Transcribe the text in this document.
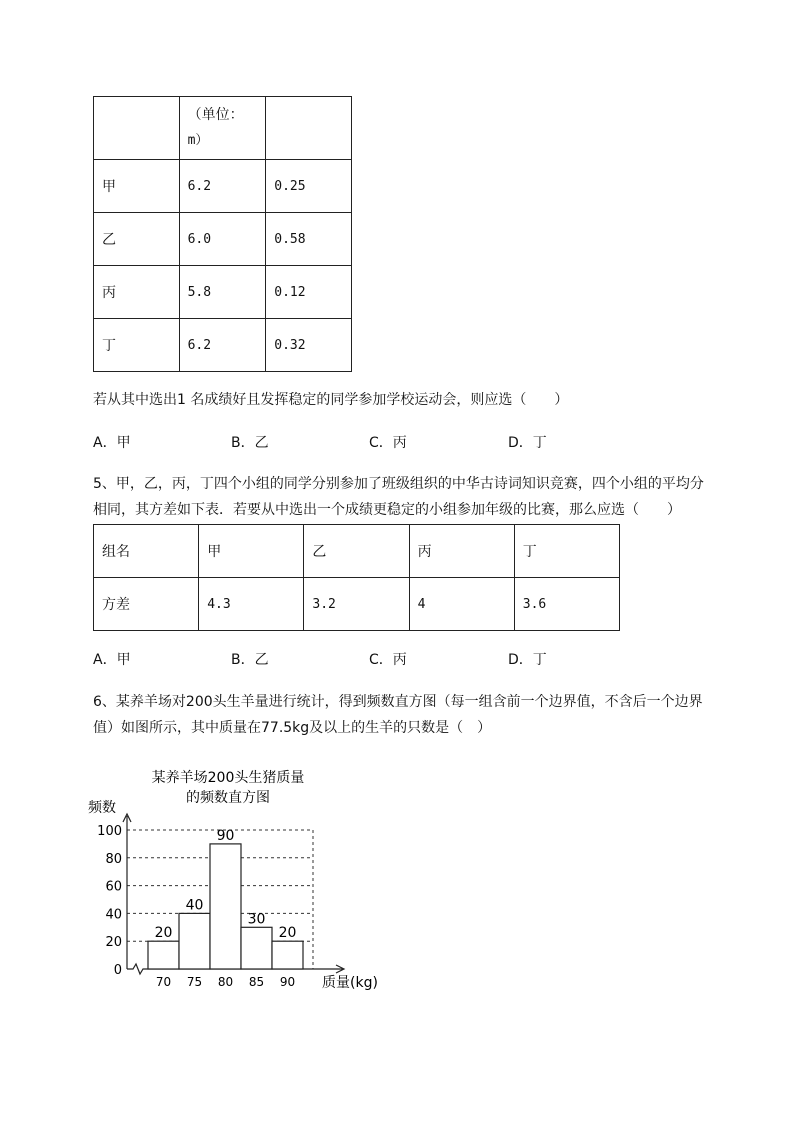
	（单位：
m）	

甲	6.2	0.25
乙	6.0	0.58
丙	5.8	0.12
丁	6.2	0.32
若从其中选出1 名成绩好且发挥稳定的同学参加学校运动会，则应选（　　）
A．甲	B．乙	C．丙	D．丁
5、甲，乙，丙，丁四个小组的同学分别参加了班级组织的中华古诗词知识竞赛，四个小组的平均分
相同，其方差如下表．若要从中选出一个成绩更稳定的小组参加年级的比赛，那么应选（　　）
组名	甲	乙	丙	丁
方差	4.3	3.2	4	3.6
A．甲	B．乙	C．丙	D．丁
6、某养羊场对200头生羊量进行统计，得到频数直方图（每一组含前一个边界值，不含后一个边界
值）如图所示，其中质量在77.5kg及以上的生羊的只数是（　）
某养羊场200头生猪质量
的频数直方图
频数
质量(kg)
0
20
40
60
80
100
20
40
90
30
20
70 75 80 85 90
